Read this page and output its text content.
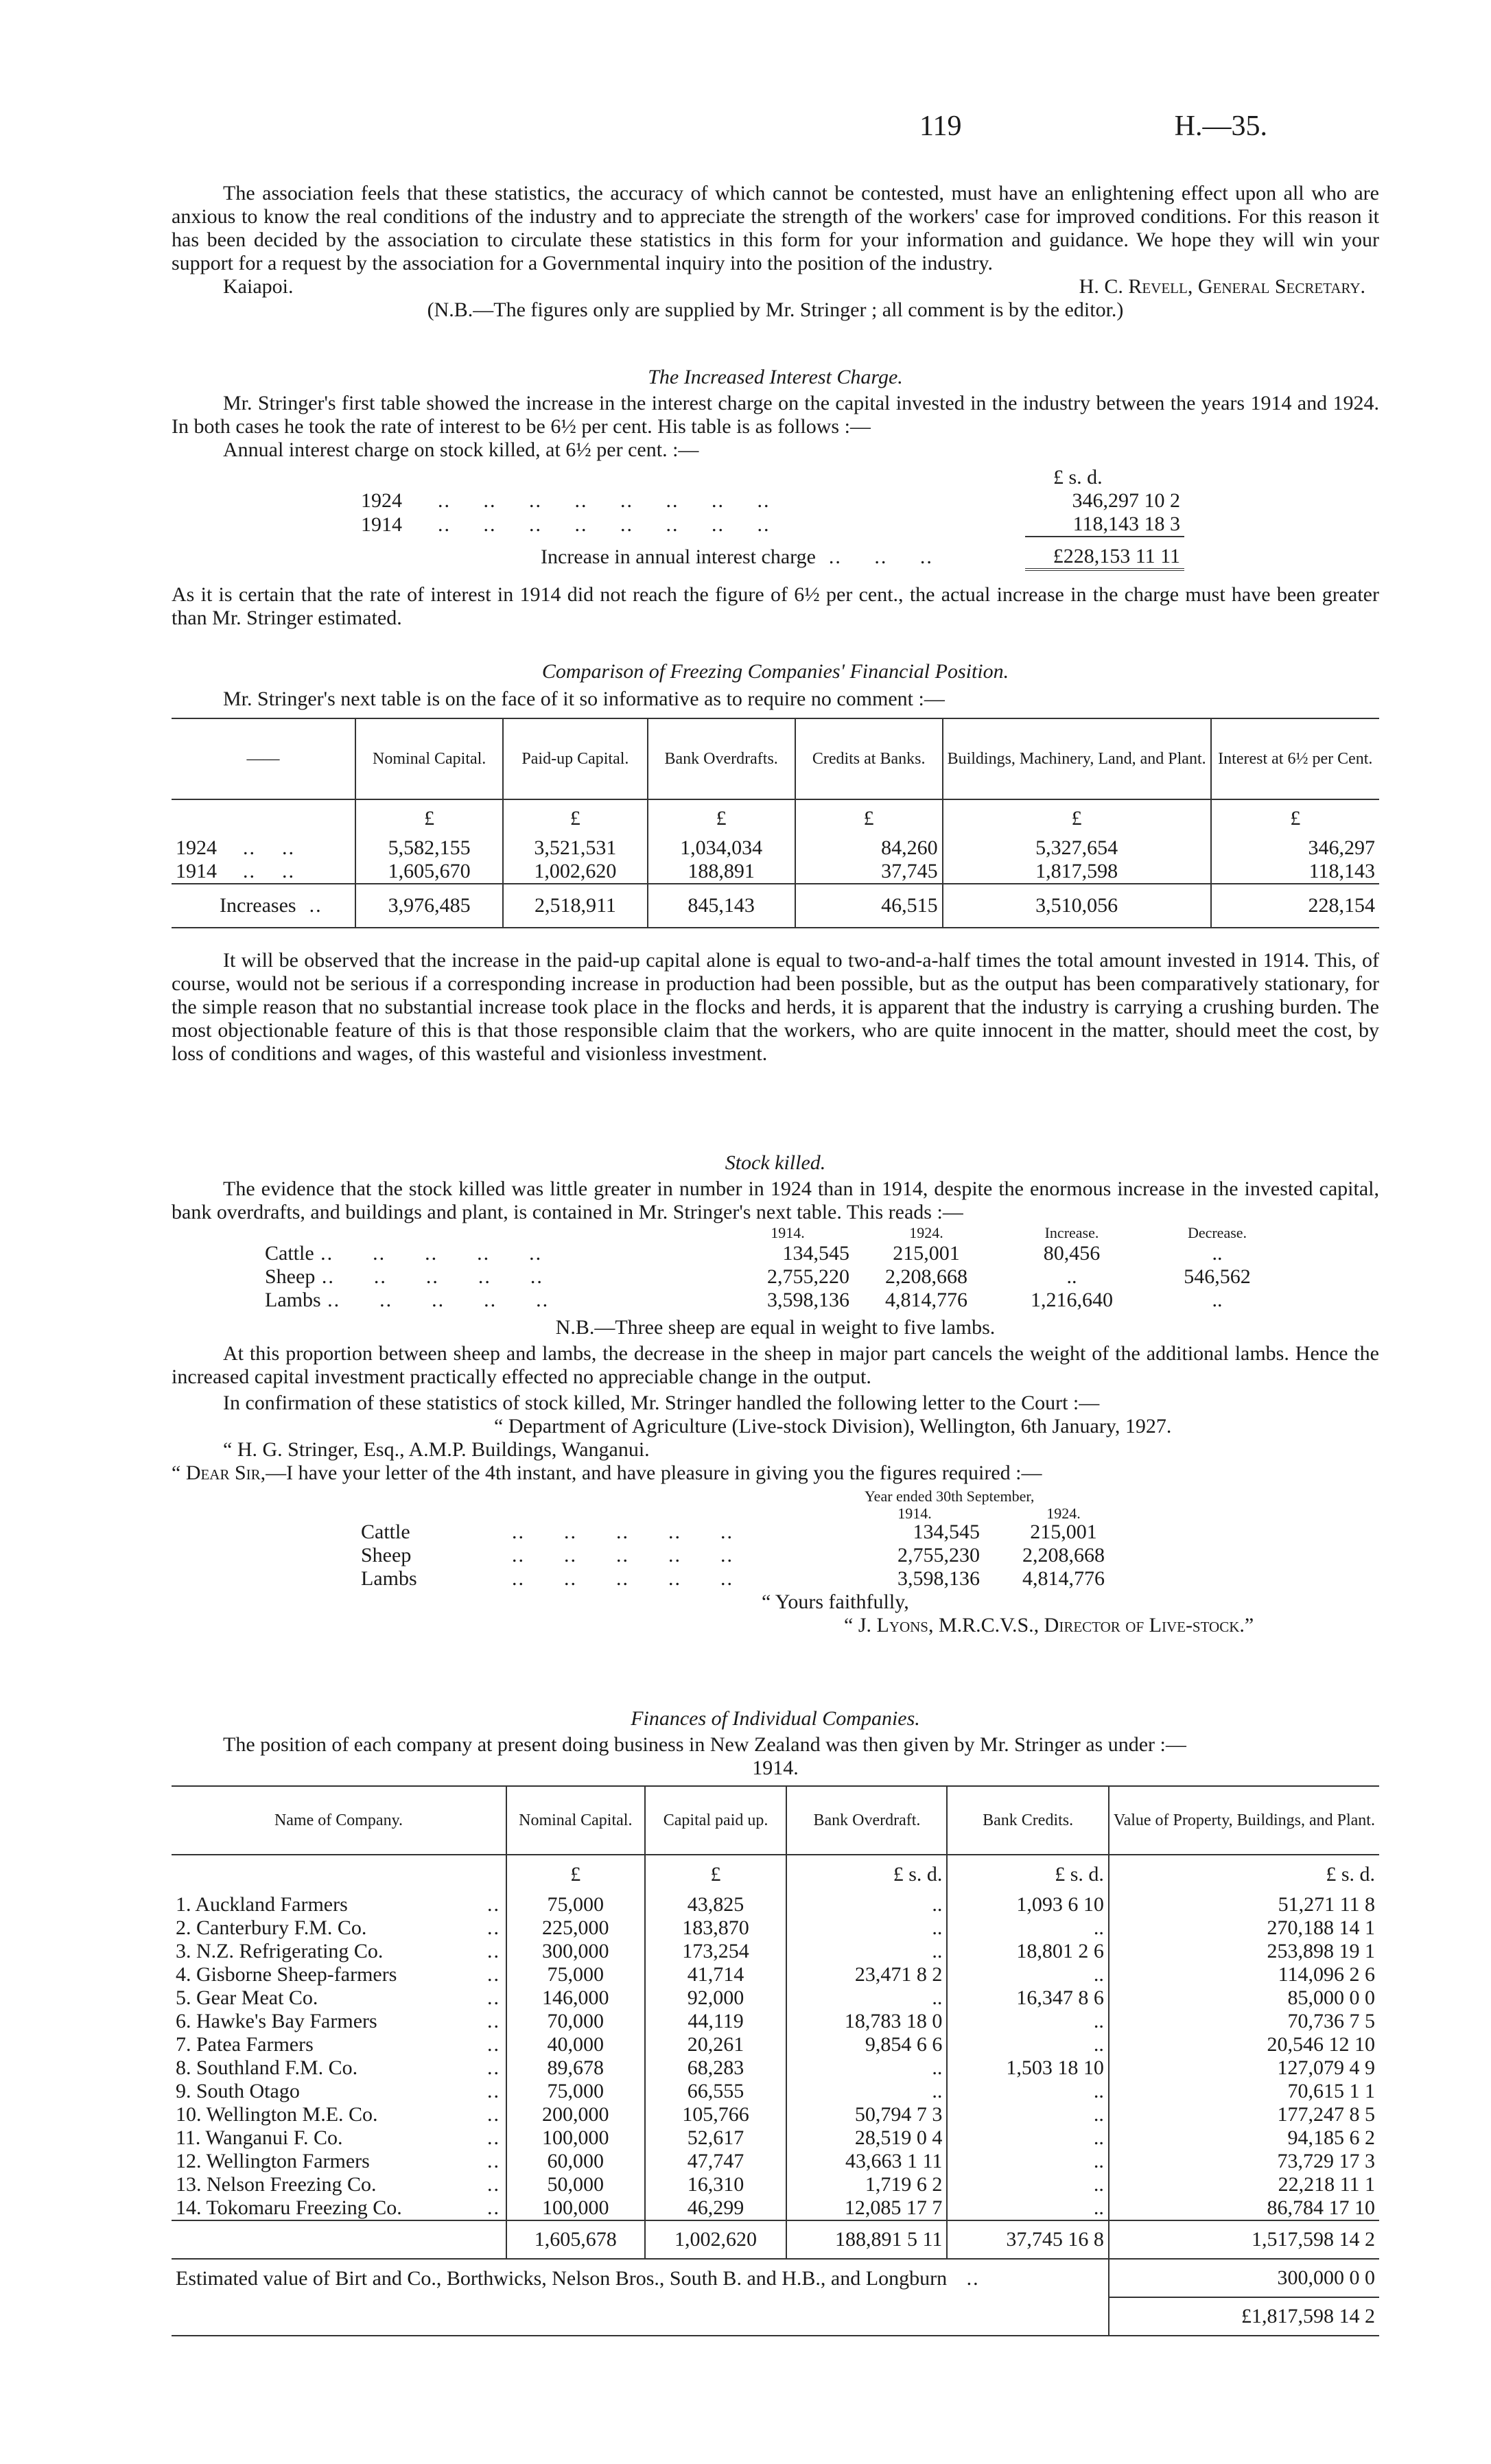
119	H.—35.

The association feels that these statistics, the accuracy of which cannot be contested, must have an enlightening effect upon all who are anxious to know the real conditions of the industry and to appreciate the strength of the workers' case for improved conditions. For this reason it has been decided by the association to circulate these statistics in this form for your information and guidance. We hope they will win your support for a request by the association for a Governmental inquiry into the position of the industry.

Kaiapoi.	H. C. Revell, General Secretary.

(N.B.—The figures only are supplied by Mr. Stringer ; all comment is by the editor.)

The Increased Interest Charge.

Mr. Stringer's first table showed the increase in the interest charge on the capital invested in the industry between the years 1914 and 1924. In both cases he took the rate of interest to be 6½ per cent. His table is as follows :—

Annual interest charge on stock killed, at 6½ per cent. :—

£ s. d.
1924	..     ..     ..     ..     ..     ..     ..     ..	346,297 10 2
1914	..     ..     ..     ..     ..     ..     ..     ..	118,143 18 3

	Increase in annual interest charge  ..     ..     ..	£228,153 11 11

As it is certain that the rate of interest in 1914 did not reach the figure of 6½ per cent., the actual increase in the charge must have been greater than Mr. Stringer estimated.

Comparison of Freezing Companies' Financial Position.

Mr. Stringer's next table is on the face of it so informative as to require no comment :—

——	Nominal Capital.	Paid-up Capital.	Bank Overdrafts.	Credits at Banks.	Buildings, Machinery, Land, and Plant.	Interest at 6½ per Cent.
	£	£	£	£	£	£
1924    ..    ..	5,582,155	3,521,531	1,034,034	84,260	5,327,654	346,297
1914    ..    ..	1,605,670	1,002,620	188,891	37,745	1,817,598	118,143
Increases  ..	3,976,485	2,518,911	845,143	46,515	3,510,056	228,154

It will be observed that the increase in the paid-up capital alone is equal to two-and-a-half times the total amount invested in 1914. This, of course, would not be serious if a corresponding increase in production had been possible, but as the output has been comparatively stationary, for the simple reason that no substantial increase took place in the flocks and herds, it is apparent that the industry is carrying a crushing burden. The most objectionable feature of this is that those responsible claim that the workers, who are quite innocent in the matter, should meet the cost, by loss of conditions and wages, of this wasteful and visionless investment.

Stock killed.

The evidence that the stock killed was little greater in number in 1924 than in 1914, despite the enormous increase in the invested capital, bank overdrafts, and buildings and plant, is contained in Mr. Stringer's next table. This reads :—

	1914.	1924.	Increase.	Decrease.
Cattle ..      ..      ..      ..      ..	134,545	215,001	80,456	..
Sheep ..      ..      ..      ..      ..	2,755,220	2,208,668	..	546,562
Lambs ..      ..      ..      ..      ..	3,598,136	4,814,776	1,216,640	..

N.B.—Three sheep are equal in weight to five lambs.

At this proportion between sheep and lambs, the decrease in the sheep in major part cancels the weight of the additional lambs. Hence the increased capital investment practically effected no appreciable change in the output.

In confirmation of these statistics of stock killed, Mr. Stringer handled the following letter to the Court :—

“ Department of Agriculture (Live-stock Division), Wellington, 6th January, 1927.

“ H. G. Stringer, Esq., A.M.P. Buildings, Wanganui.

“ Dear Sir,—I have your letter of the 4th instant, and have pleasure in giving you the figures required :—

Year ended 30th September,
	1914.	1924.
Cattle ..      ..      ..      ..      ..	134,545	215,001
Sheep ..      ..      ..      ..      ..	2,755,230	2,208,668
Lambs ..      ..      ..      ..      ..	3,598,136	4,814,776

“ Yours faithfully,

“ J. Lyons, M.R.C.V.S., Director of Live-stock.”

Finances of Individual Companies.

The position of each company at present doing business in New Zealand was then given by Mr. Stringer as under :—

1914.

Name of Company.	Nominal Capital.	Capital paid up.	Bank Overdraft.	Bank Credits.	Value of Property, Buildings, and Plant.
	£	£	£ s. d.	£ s. d.	£ s. d.
1. Auckland Farmers ..	75,000	43,825	..	1,093 6 10	51,271 11 8
2. Canterbury F.M. Co. ..	225,000	183,870	..	..	270,188 14 1
3. N.Z. Refrigerating Co. ..	300,000	173,254	..	18,801 2 6	253,898 19 1
4. Gisborne Sheep-farmers ..	75,000	41,714	23,471 8 2	..	114,096 2 6
5. Gear Meat Co. ..	146,000	92,000	..	16,347 8 6	85,000 0 0
6. Hawke's Bay Farmers ..	70,000	44,119	18,783 18 0	..	70,736 7 5
7. Patea Farmers ..	40,000	20,261	9,854 6 6	..	20,546 12 10
8. Southland F.M. Co. ..	89,678	68,283	..	1,503 18 10	127,079 4 9
9. South Otago ..	75,000	66,555	..	..	70,615 1 1
10. Wellington M.E. Co. ..	200,000	105,766	50,794 7 3	..	177,247 8 5
11. Wanganui F. Co. ..	100,000	52,617	28,519 0 4	..	94,185 6 2
12. Wellington Farmers ..	60,000	47,747	43,663 1 11	..	73,729 17 3
13. Nelson Freezing Co. ..	50,000	16,310	1,719 6 2	..	22,218 11 1
14. Tokomaru Freezing Co. ..	100,000	46,299	12,085 17 7	..	86,784 17 10
	1,605,678	1,002,620	188,891 5 11	37,745 16 8	1,517,598 14 2
Estimated value of Birt and Co., Borthwicks, Nelson Bros., South B. and H.B., and Longburn   ..					300,000 0 0
					£1,817,598 14 2
